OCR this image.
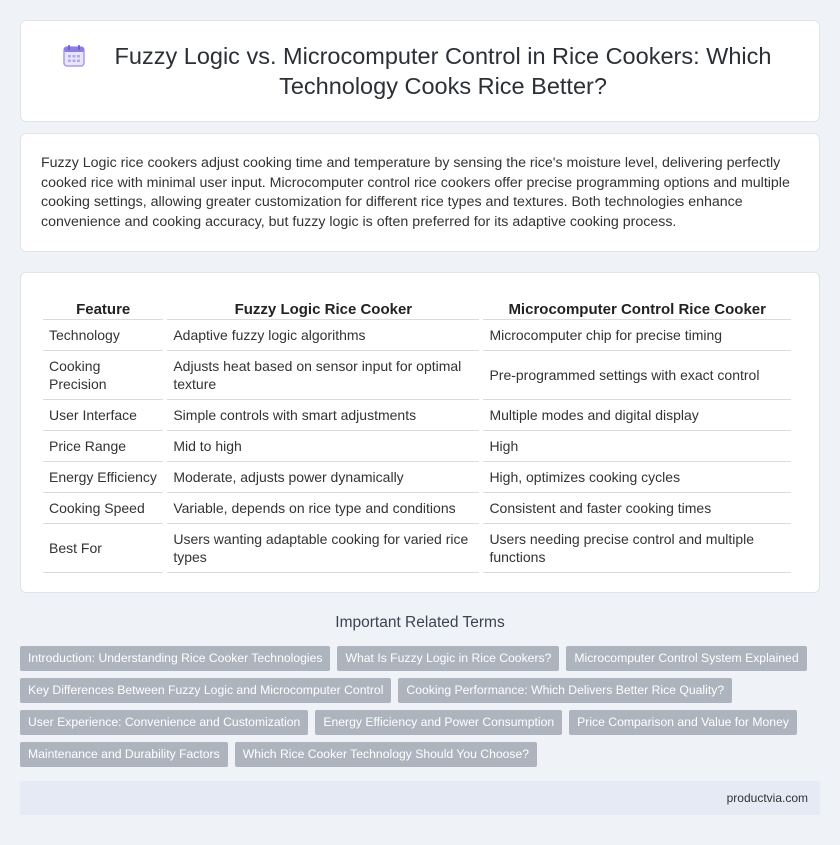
Fuzzy Logic vs. Microcomputer Control in Rice Cookers: Which Technology Cooks Rice Better?

Fuzzy Logic rice cookers adjust cooking time and temperature by sensing the rice's moisture level, delivering perfectly cooked rice with minimal user input. Microcomputer control rice cookers offer precise programming options and multiple cooking settings, allowing greater customization for different rice types and textures. Both technologies enhance convenience and cooking accuracy, but fuzzy logic is often preferred for its adaptive cooking process.

Feature	Fuzzy Logic Rice Cooker	Microcomputer Control Rice Cooker
Technology	Adaptive fuzzy logic algorithms	Microcomputer chip for precise timing
Cooking Precision	Adjusts heat based on sensor input for optimal texture	Pre-programmed settings with exact control
User Interface	Simple controls with smart adjustments	Multiple modes and digital display
Price Range	Mid to high	High
Energy Efficiency	Moderate, adjusts power dynamically	High, optimizes cooking cycles
Cooking Speed	Variable, depends on rice type and conditions	Consistent and faster cooking times
Best For	Users wanting adaptable cooking for varied rice types	Users needing precise control and multiple functions
Important Related Terms
Introduction: Understanding Rice Cooker Technologies	What Is Fuzzy Logic in Rice Cookers?	Microcomputer Control System Explained
Key Differences Between Fuzzy Logic and Microcomputer Control	Cooking Performance: Which Delivers Better Rice Quality?
User Experience: Convenience and Customization	Energy Efficiency and Power Consumption	Price Comparison and Value for Money
Maintenance and Durability Factors	Which Rice Cooker Technology Should You Choose?
productvia.com
